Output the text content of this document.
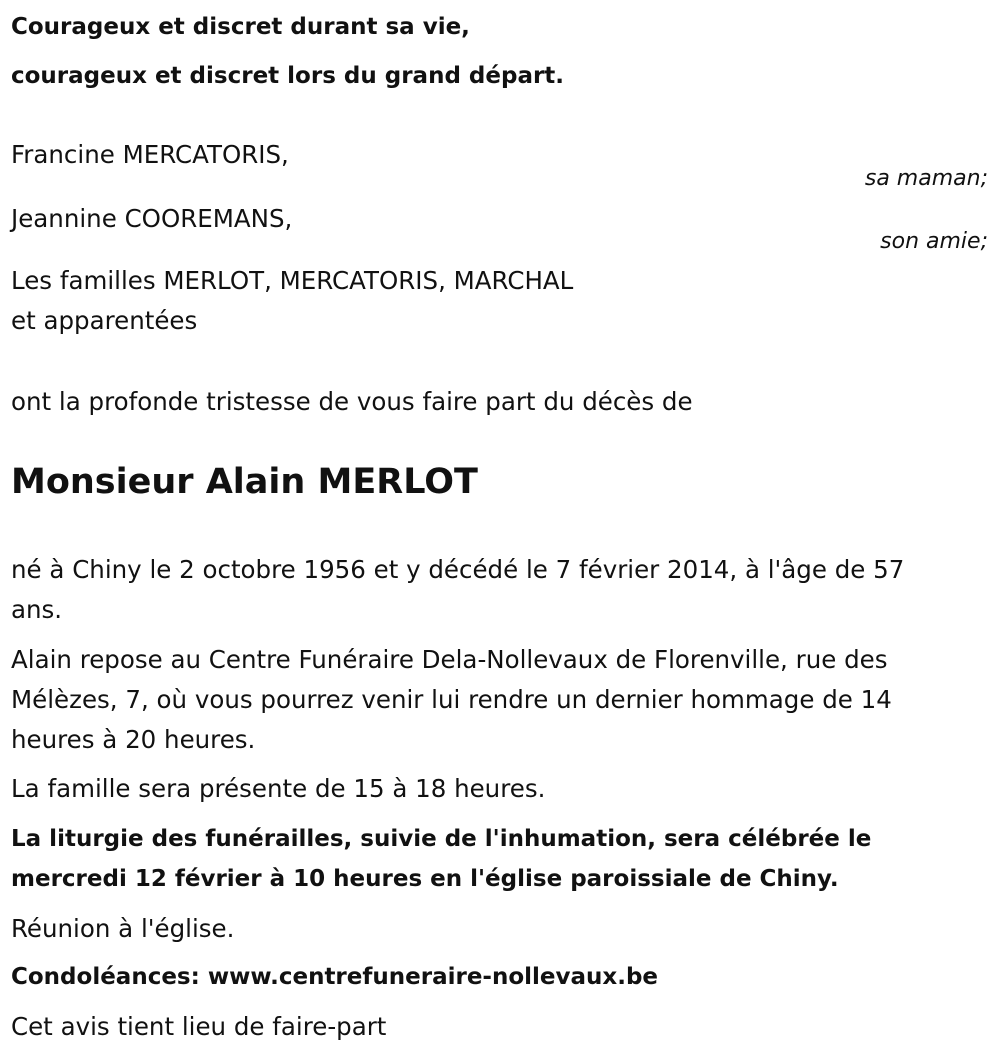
Courageux et discret durant sa vie,
courageux et discret lors du grand départ.
Francine MERCATORIS,
sa maman;
Jeannine COOREMANS,
son amie;
Les familles MERLOT, MERCATORIS, MARCHAL
et apparentées
ont la profonde tristesse de vous faire part du décès de
Monsieur Alain MERLOT
né à Chiny le 2 octobre 1956 et y décédé le 7 février 2014, à l'âge de 57
ans.
Alain repose au Centre Funéraire Dela-Nollevaux de Florenville, rue des
Mélèzes, 7, où vous pourrez venir lui rendre un dernier hommage de 14
heures à 20 heures.
La famille sera présente de 15 à 18 heures.
La liturgie des funérailles, suivie de l'inhumation, sera célébrée le
mercredi 12 février à 10 heures en l'église paroissiale de Chiny.
Réunion à l'église.
Condoléances: www.centrefuneraire-nollevaux.be
Cet avis tient lieu de faire-part
